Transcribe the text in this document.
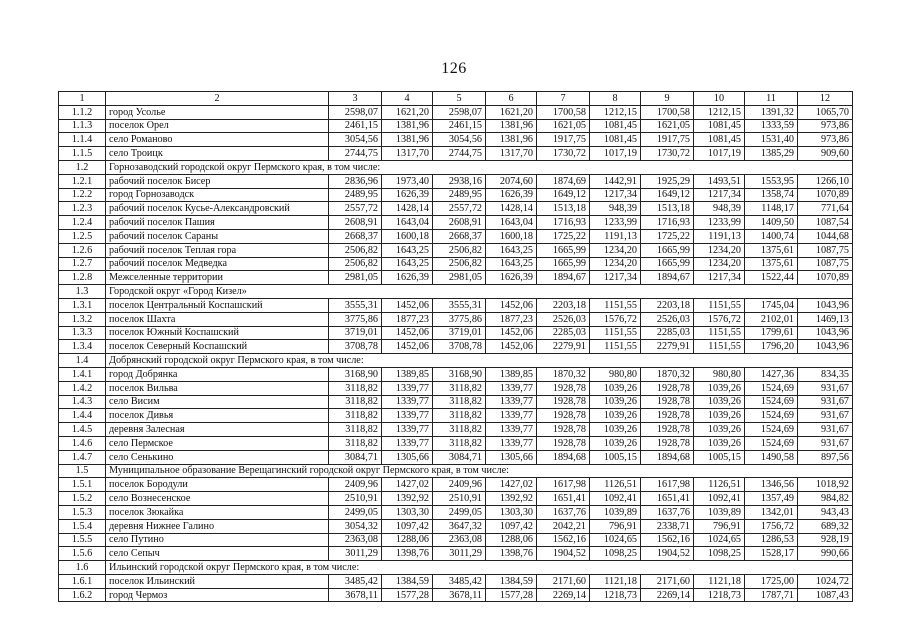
126
1	2	3	4	5	6	7	8	9	10	11	12
1.1.2	город Усолье	2598,07	1621,20	2598,07	1621,20	1700,58	1212,15	1700,58	1212,15	1391,32	1065,70
1.1.3	поселок Орел	2461,15	1381,96	2461,15	1381,96	1621,05	1081,45	1621,05	1081,45	1333,59	973,86
1.1.4	село Романово	3054,56	1381,96	3054,56	1381,96	1917,75	1081,45	1917,75	1081,45	1531,40	973,86
1.1.5	село Троицк	2744,75	1317,70	2744,75	1317,70	1730,72	1017,19	1730,72	1017,19	1385,29	909,60
1.2	Горнозаводский городской округ Пермского края, в том числе:										
1.2.1	рабочий поселок Бисер	2836,96	1973,40	2938,16	2074,60	1874,69	1442,91	1925,29	1493,51	1553,95	1266,10
1.2.2	город Горнозаводск	2489,95	1626,39	2489,95	1626,39	1649,12	1217,34	1649,12	1217,34	1358,74	1070,89
1.2.3	рабочий поселок Кусье-Александровский	2557,72	1428,14	2557,72	1428,14	1513,18	948,39	1513,18	948,39	1148,17	771,64
1.2.4	рабочий поселок Пашия	2608,91	1643,04	2608,91	1643,04	1716,93	1233,99	1716,93	1233,99	1409,50	1087,54
1.2.5	рабочий поселок Сараны	2668,37	1600,18	2668,37	1600,18	1725,22	1191,13	1725,22	1191,13	1400,74	1044,68
1.2.6	рабочий поселок Теплая гора	2506,82	1643,25	2506,82	1643,25	1665,99	1234,20	1665,99	1234,20	1375,61	1087,75
1.2.7	рабочий поселок Медведка	2506,82	1643,25	2506,82	1643,25	1665,99	1234,20	1665,99	1234,20	1375,61	1087,75
1.2.8	Межселенные территории	2981,05	1626,39	2981,05	1626,39	1894,67	1217,34	1894,67	1217,34	1522,44	1070,89
1.3	Городской округ «Город Кизел»										
1.3.1	поселок Центральный Коспашский	3555,31	1452,06	3555,31	1452,06	2203,18	1151,55	2203,18	1151,55	1745,04	1043,96
1.3.2	поселок Шахта	3775,86	1877,23	3775,86	1877,23	2526,03	1576,72	2526,03	1576,72	2102,01	1469,13
1.3.3	поселок Южный Коспашский	3719,01	1452,06	3719,01	1452,06	2285,03	1151,55	2285,03	1151,55	1799,61	1043,96
1.3.4	поселок Северный Коспашский	3708,78	1452,06	3708,78	1452,06	2279,91	1151,55	2279,91	1151,55	1796,20	1043,96
1.4	Добрянский городской округ Пермского края, в том числе:										
1.4.1	город Добрянка	3168,90	1389,85	3168,90	1389,85	1870,32	980,80	1870,32	980,80	1427,36	834,35
1.4.2	поселок Вильва	3118,82	1339,77	3118,82	1339,77	1928,78	1039,26	1928,78	1039,26	1524,69	931,67
1.4.3	село Висим	3118,82	1339,77	3118,82	1339,77	1928,78	1039,26	1928,78	1039,26	1524,69	931,67
1.4.4	поселок Дивья	3118,82	1339,77	3118,82	1339,77	1928,78	1039,26	1928,78	1039,26	1524,69	931,67
1.4.5	деревня Залесная	3118,82	1339,77	3118,82	1339,77	1928,78	1039,26	1928,78	1039,26	1524,69	931,67
1.4.6	село Пермское	3118,82	1339,77	3118,82	1339,77	1928,78	1039,26	1928,78	1039,26	1524,69	931,67
1.4.7	село Сенькино	3084,71	1305,66	3084,71	1305,66	1894,68	1005,15	1894,68	1005,15	1490,58	897,56
1.5	Муниципальное образование Верещагинский городской округ Пермского края, в том числе:										
1.5.1	поселок Бородули	2409,96	1427,02	2409,96	1427,02	1617,98	1126,51	1617,98	1126,51	1346,56	1018,92
1.5.2	село Вознесенское	2510,91	1392,92	2510,91	1392,92	1651,41	1092,41	1651,41	1092,41	1357,49	984,82
1.5.3	поселок Зюкайка	2499,05	1303,30	2499,05	1303,30	1637,76	1039,89	1637,76	1039,89	1342,01	943,43
1.5.4	деревня Нижнее Галино	3054,32	1097,42	3647,32	1097,42	2042,21	796,91	2338,71	796,91	1756,72	689,32
1.5.5	село Путино	2363,08	1288,06	2363,08	1288,06	1562,16	1024,65	1562,16	1024,65	1286,53	928,19
1.5.6	село Сепыч	3011,29	1398,76	3011,29	1398,76	1904,52	1098,25	1904,52	1098,25	1528,17	990,66
1.6	Ильинский городской округ Пермского края, в том числе:										
1.6.1	поселок Ильинский	3485,42	1384,59	3485,42	1384,59	2171,60	1121,18	2171,60	1121,18	1725,00	1024,72
1.6.2	город Чермоз	3678,11	1577,28	3678,11	1577,28	2269,14	1218,73	2269,14	1218,73	1787,71	1087,43
